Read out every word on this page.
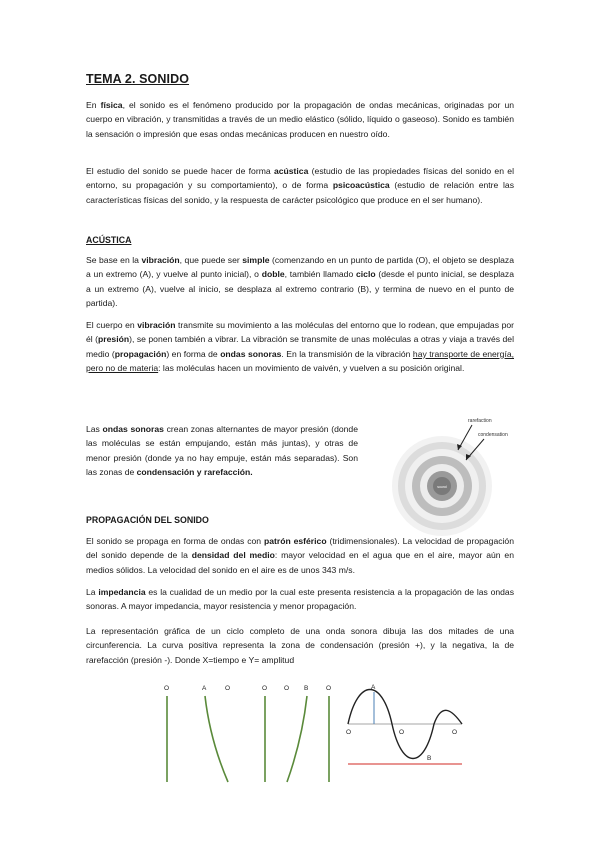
TEMA 2. SONIDO

En física, el sonido es el fenómeno producido por la propagación de ondas mecánicas, originadas por un cuerpo en vibración, y transmitidas a través de un medio elástico (sólido, líquido o gaseoso). Sonido es también la sensación o impresión que esas ondas mecánicas producen en nuestro oído.

El estudio del sonido se puede hacer de forma acústica (estudio de las propiedades físicas del sonido en el entorno, su propagación y su comportamiento), o de forma psicoacústica (estudio de relación entre las características físicas del sonido, y la respuesta de carácter psicológico que produce en el ser humano).

ACÚSTICA

Se base en la vibración, que puede ser simple (comenzando en un punto de partida (O), el objeto se desplaza a un extremo (A), y vuelve al punto inicial), o doble, también llamado ciclo (desde el punto inicial, se desplaza a un extremo (A), vuelve al inicio, se desplaza al extremo contrario (B), y termina de nuevo en el punto de partida).

El cuerpo en vibración transmite su movimiento a las moléculas del entorno que lo rodean, que empujadas por él (presión), se ponen también a vibrar. La vibración se transmite de unas moléculas a otras y viaja a través del medio (propagación) en forma de ondas sonoras. En la transmisión de la vibración hay transporte de energía, pero no de materia: las moléculas hacen un movimiento de vaivén, y vuelven a su posición original.

Las ondas sonoras crean zonas alternantes de mayor presión (donde las moléculas se están empujando, están más juntas), y otras de menor presión (donde ya no hay empuje, están más separadas). Son las zonas de condensación y rarefacción.

sound
rarefaction
condensation
PROPAGACIÓN DEL SONIDO

El sonido se propaga en forma de ondas con patrón esférico (tridimensionales). La velocidad de propagación del sonido depende de la densidad del medio: mayor velocidad en el agua que en el aire, mayor aún en medios sólidos. La velocidad del sonido en el aire es de unos 343 m/s.

La impedancia es la cualidad de un medio por la cual este presenta resistencia a la propagación de las ondas sonoras. A mayor impedancia, mayor resistencia y menor propagación.

La representación gráfica de un ciclo completo de una onda sonora dibuja las dos mitades de una circunferencia. La curva positiva representa la zona de condensación (presión +), y la negativa, la de rarefacción (presión -). Donde X=tiempo e Y= amplitud

O	A	O	O	O B	O	A
O	O	O
B
